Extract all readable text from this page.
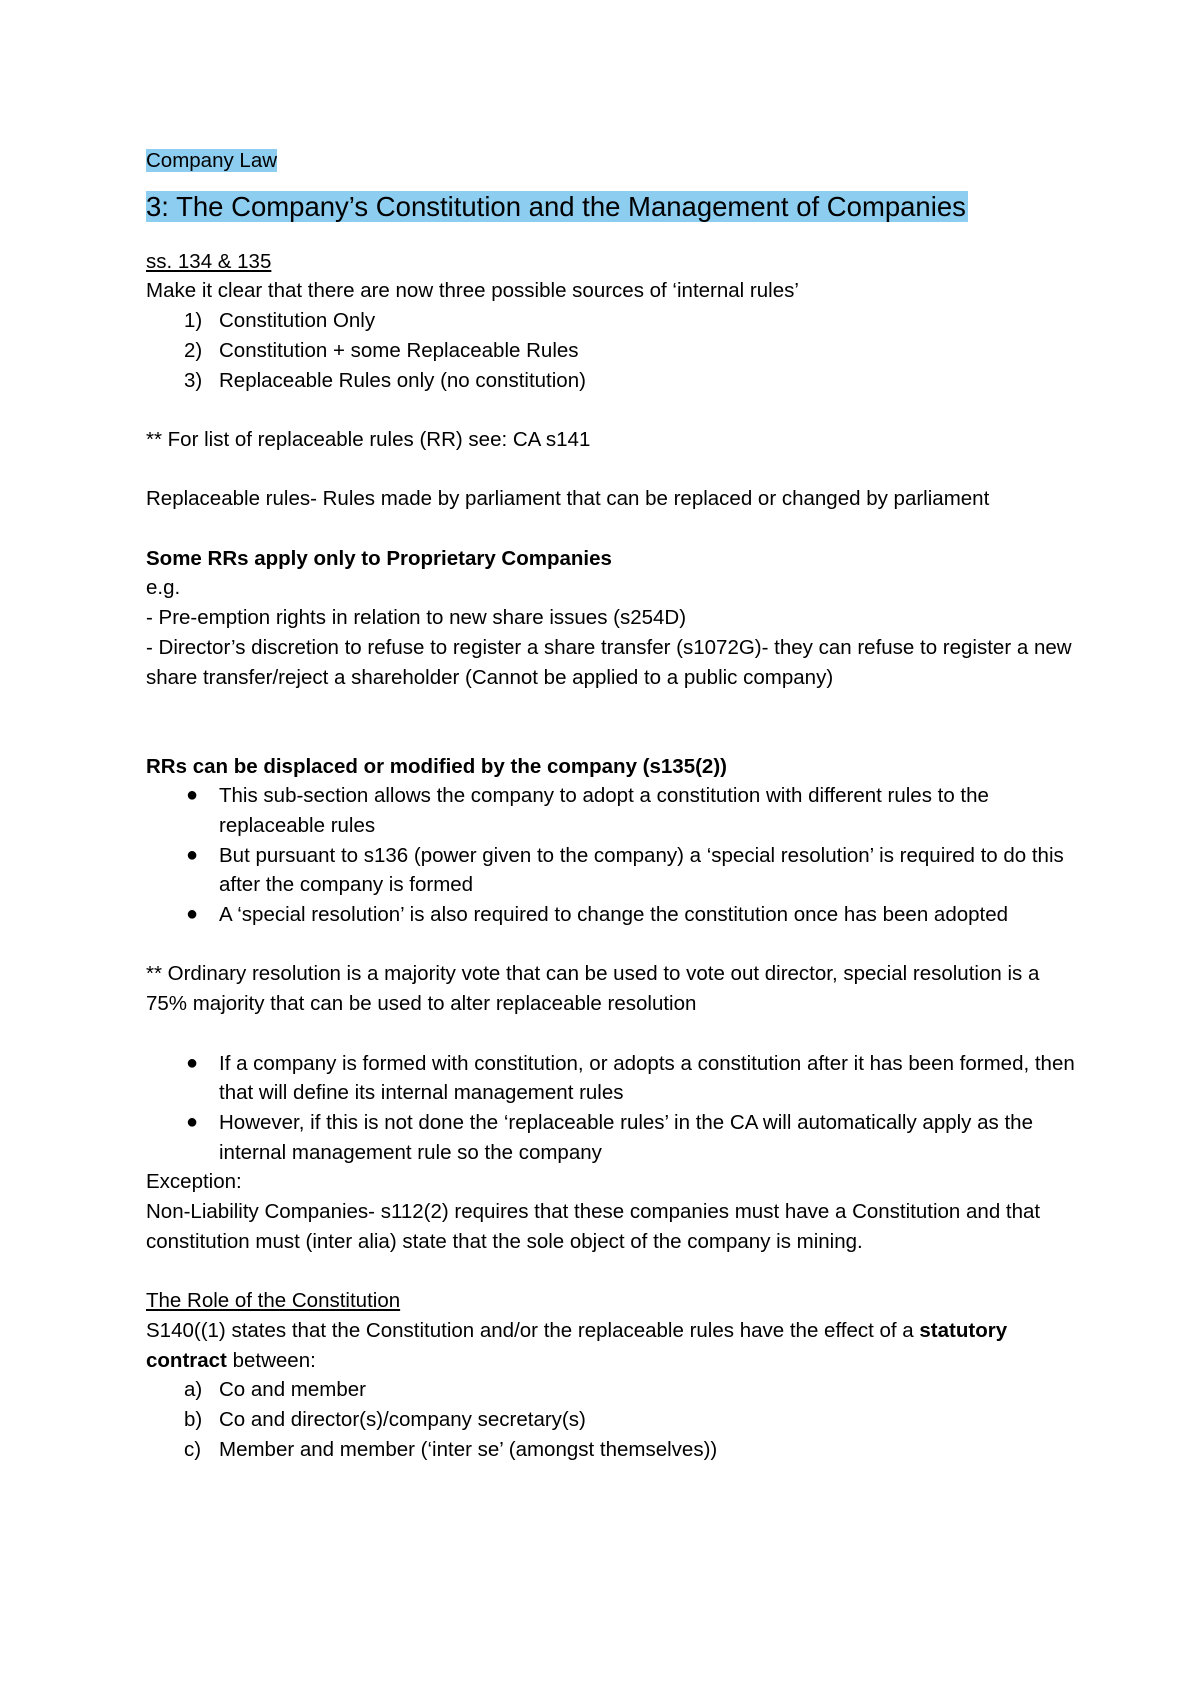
Company Law
3: The Company’s Constitution and the Management of Companies
ss. 134 & 135
Make it clear that there are now three possible sources of ‘internal rules’
1) Constitution Only
2) Constitution + some Replaceable Rules
3) Replaceable Rules only (no constitution)
** For list of replaceable rules (RR) see: CA s141
Replaceable rules- Rules made by parliament that can be replaced or changed by parliament
Some RRs apply only to Proprietary Companies
e.g.
- Pre-emption rights in relation to new share issues (s254D)
- Director’s discretion to refuse to register a share transfer (s1072G)- they can refuse to register a new share transfer/reject a shareholder (Cannot be applied to a public company)
RRs can be displaced or modified by the company (s135(2))
● This sub-section allows the company to adopt a constitution with different rules to the replaceable rules
● But pursuant to s136 (power given to the company) a ‘special resolution’ is required to do this after the company is formed
● A ‘special resolution’ is also required to change the constitution once has been adopted
** Ordinary resolution is a majority vote that can be used to vote out director, special resolution is a 75% majority that can be used to alter replaceable resolution
● If a company is formed with constitution, or adopts a constitution after it has been formed, then that will define its internal management rules
● However, if this is not done the ‘replaceable rules’ in the CA will automatically apply as the internal management rule so the company
Exception:
Non-Liability Companies- s112(2) requires that these companies must have a Constitution and that constitution must (inter alia) state that the sole object of the company is mining.
The Role of the Constitution
S140((1) states that the Constitution and/or the replaceable rules have the effect of a statutory contract between:
a) Co and member
b) Co and director(s)/company secretary(s)
c) Member and member (‘inter se’ (amongst themselves))
